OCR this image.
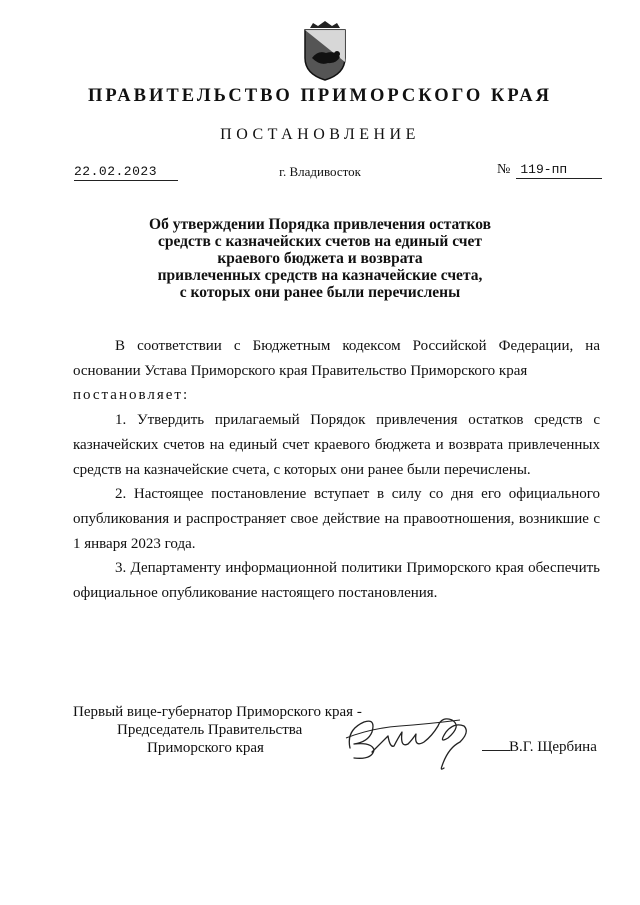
ПРАВИТЕЛЬСТВО ПРИМОРСКОГО КРАЯ
ПОСТАНОВЛЕНИЕ
22.02.2023	г. Владивосток	№ 119-пп
Об утверждении Порядка привлечения остатков
средств с казначейских счетов на единый счет
краевого бюджета и возврата
привлеченных средств на казначейские счета,
с которых они ранее были перечислены

В соответствии с Бюджетным кодексом Российской Федерации, на основании Устава Приморского края Правительство Приморского края
постановляет:

1. Утвердить прилагаемый Порядок привлечения остатков средств с казначейских счетов на единый счет краевого бюджета и возврата привлеченных средств на казначейские счета, с которых они ранее были перечислены.

2. Настоящее постановление вступает в силу со дня его официального опубликования и распространяет свое действие на правоотношения, возникшие с 1 января 2023 года.

3. Департаменту информационной политики Приморского края обеспечить официальное опубликование настоящего постановления.

Первый вице-губернатор Приморского края -
Председатель Правительства
Приморского края	В.Г. Щербина
